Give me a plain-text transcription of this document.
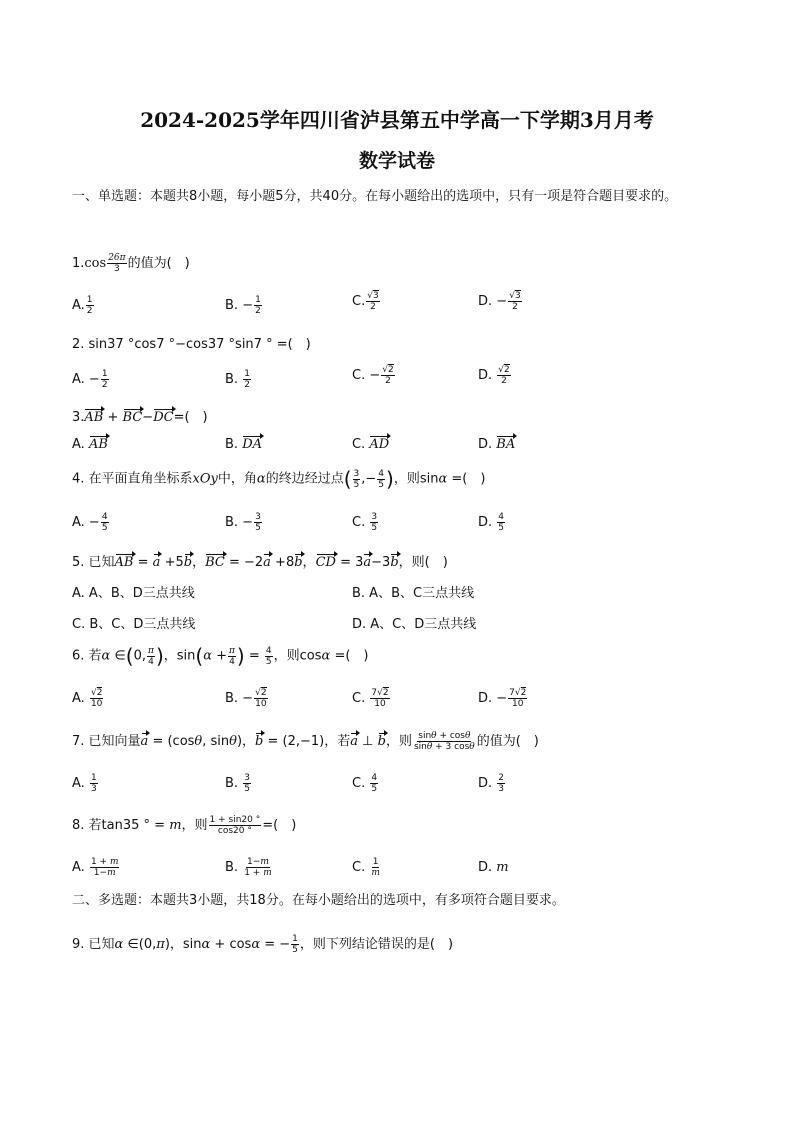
2024-2025学年四川省泸县第五中学高一下学期3月月考
数学试卷
一、单选题：本题共8小题，每小题5分，共40分。在每小题给出的选项中，只有一项是符合题目要求的。
$1.\cos \frac{26\pi}{3}$ 的值为(　)
A. $\frac{1}{2}$	B. − $\frac{1}{2}$	C. $\frac{√3}{2}$	D. − $\frac{√3}{2}$
2. sin37 °cos7 °−cos37 °sin7 ° =(　)
A. − $\frac{1}{2}$	B. $\frac{1}{2}$	C. − $\frac{√2}{2}$	D. $\frac{√2}{2}$
3.AB + BC−DC=(　)
A. AB	B. DA	C. AD	D. BA
4. 在平面直角坐标系xOy中，角α的终边经过点( $\frac{3}{5}$ ,− $\frac{4}{5}$ )，则sinα =(　)
A. − $\frac{4}{5}$	B. − $\frac{3}{5}$	C. $\frac{3}{5}$	D. $\frac{4}{5}$
5. 已知AB = a +5b，BC = −2a +8b，CD = 3a−3b，则(　)
A. A、B、D三点共线	B. A、B、C三点共线
C. B、C、D三点共线	D. A、C、D三点共线
6. 若α ∈(0, $\frac{\pi}{4}$ )，$\sin(\alpha + \frac{\pi}{4}$ ) = $\frac{4}{5}$ ，则cosα =(　)
A. $\frac{√2}{10}$	B. − $\frac{√2}{10}$	C. $\frac{7√2}{10}$	D. − $\frac{7√2}{10}$
7. 已知向量a = (cosθ, sinθ)，b = (2,−1)，若a ⊥ b，则 $\frac{\sin\theta + \cos\theta}{\sin\theta + 3 \cos\theta}$ 的值为(　)
A. $\frac{1}{3}$	B. $\frac{3}{5}$	C. $\frac{4}{5}$	D. $\frac{2}{3}$
8. 若tan35 ° = m，则 $\frac{1 + \sin 20 ^\circ}{\cos 20 ^\circ}$ =(　)
A. $\frac{1 + m}{1-m}$	B. $\frac{1-m}{1 + m}$	C. $\frac{1}{m}$	D. m
二、多选题：本题共3小题，共18分。在每小题给出的选项中，有多项符合题目要求。
9. 已知α ∈(0,π)，sinα + cosα = − $\frac{1}{5}$ ，则下列结论错误的是(　)
